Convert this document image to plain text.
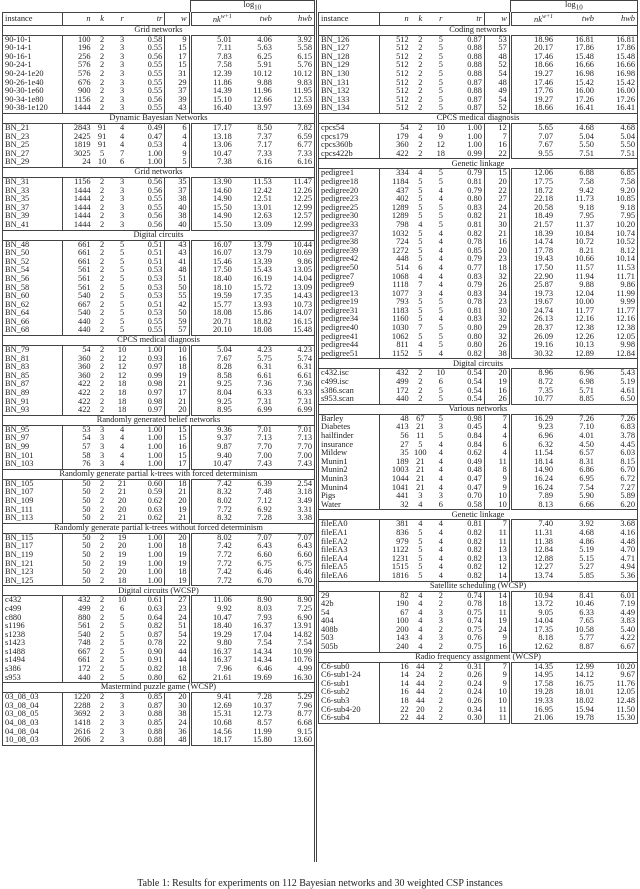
						$\log_{10}$
instance	n	k	r	tr	w	$nk^{w+1}$	twb	hwb
Grid networks								
90-10-1	100	2	3	0.58	9	5.01	4.06	3.92
90-14-1	196	2	3	0.55	15	7.11	5.63	5.58
90-16-1	256	2	3	0.56	17	7.83	6.25	6.15
90-24-1	576	2	3	0.55	15	7.58	5.91	5.76
90-24-1e20	576	2	3	0.55	31	12.39	10.12	10.12
90-26-1e40	676	2	3	0.55	29	11.86	9.88	9.83
90-30-1e60	900	2	3	0.55	37	14.39	11.96	11.95
90-34-1e80	1156	2	3	0.56	39	15.10	12.66	12.53
90-38-1e120	1444	2	3	0.55	43	16.40	13.97	13.69
Dynamic Bayesian Networks								
BN_21	2843	91	4	0.49	6	17.17	8.50	7.82
BN_23	2425	91	4	0.47	4	13.18	7.37	6.59
BN_25	1819	91	4	0.53	4	13.06	7.17	6.77
BN_27	3025	5	7	1.00	9	10.47	7.33	7.33
BN_29	24	10	6	1.00	5	7.38	6.16	6.16
Grid networks								
BN_31	1156	2	3	0.56	35	13.90	11.53	11.47
BN_33	1444	2	3	0.56	37	14.60	12.42	12.26
BN_35	1444	2	3	0.55	38	14.90	12.51	12.25
BN_37	1444	2	3	0.55	40	15.50	13.01	12.99
BN_39	1444	2	3	0.56	38	14.90	12.63	12.57
BN_41	1444	2	3	0.56	40	15.50	13.09	12.99
Digital circuits								
BN_48	661	2	5	0.51	43	16.07	13.79	10.44
BN_50	661	2	5	0.51	43	16.07	13.79	10.69
BN_52	661	2	5	0.51	41	15.46	13.39	9.86
BN_54	561	2	5	0.53	48	17.50	15.43	13.05
BN_56	561	2	5	0.53	51	18.40	16.19	14.04
BN_58	561	2	5	0.53	50	18.10	15.72	13.09
BN_60	540	2	5	0.53	55	19.59	17.35	14.43
BN_62	667	2	5	0.51	42	15.77	13.93	10.73
BN_64	540	2	5	0.53	50	18.08	15.86	14.07
BN_66	440	2	5	0.55	59	20.71	18.82	16.15
BN_68	440	2	5	0.55	57	20.10	18.08	15.48
CPCS medical diagnosis								
BN_79	54	2	10	1.00	10	5.04	4.23	4.23
BN_81	360	2	12	0.93	16	7.67	5.75	5.74
BN_83	360	2	12	0.97	18	8.28	6.31	6.31
BN_85	360	2	12	0.99	19	8.58	6.61	6.61
BN_87	422	2	18	0.98	21	9.25	7.36	7.36
BN_89	422	2	18	0.97	17	8.04	6.33	6.33
BN_91	422	2	18	0.98	21	9.25	7.31	7.31
BN_93	422	2	18	0.97	20	8.95	6.99	6.99
Randomly generated belief networks								
BN_95	53	3	4	1.00	15	9.36	7.01	7.01
BN_97	54	3	4	1.00	15	9.37	7.13	7.13
BN_99	57	3	4	1.00	16	9.87	7.70	7.70
BN_101	58	3	4	1.00	15	9.40	7.00	7.00
BN_103	76	3	4	1.00	17	10.47	7.43	7.43
Randomly generate partial k-trees with forced determinism								
BN_105	50	2	21	0.60	18	7.42	6.39	2.54
BN_107	50	2	21	0.59	21	8.32	7.48	3.18
BN_109	50	2	20	0.62	20	8.02	7.12	3.49
BN_111	50	2	20	0.63	19	7.72	6.92	3.31
BN_113	50	2	21	0.62	21	8.32	7.28	3.38
Randomly generate partial k-trees without forced determinism								
BN_115	50	2	19	1.00	20	8.02	7.07	7.07
BN_117	50	2	20	1.00	18	7.42	6.43	6.43
BN_119	50	2	19	1.00	19	7.72	6.60	6.60
BN_121	50	2	19	1.00	19	7.72	6.75	6.75
BN_123	50	2	20	1.00	18	7.42	6.46	6.46
BN_125	50	2	18	1.00	19	7.72	6.70	6.70
Digital circuits (WCSP)								
c432	432	2	10	0.61	27	11.06	8.90	8.90
c499	499	2	6	0.63	23	9.92	8.03	7.25
c880	880	2	5	0.64	24	10.47	7.93	6.90
s1196	561	2	5	0.82	51	18.40	16.37	13.91
s1238	540	2	5	0.87	54	19.29	17.04	14.82
s1423	748	2	5	0.78	22	9.80	7.54	7.54
s1488	667	2	5	0.90	44	16.37	14.34	10.99
s1494	661	2	5	0.91	44	16.37	14.34	10.76
s386	172	2	5	0.82	18	7.96	6.46	4.99
s953	440	2	5	0.80	62	21.61	19.69	16.30
Mastermind puzzle game (WCSP)								
03_08_03	1220	2	3	0.85	20	9.41	7.28	5.29
03_08_04	2288	2	3	0.87	30	12.69	10.37	7.96
03_08_05	3692	2	3	0.88	38	15.31	12.73	8.77
04_08_03	1418	2	3	0.85	24	10.68	8.57	6.68
04_08_04	2616	2	3	0.88	36	14.56	11.99	9.15
10_08_03	2606	2	3	0.88	48	18.17	15.80	13.60
						$\log_{10}$
instance	n	k	r	tr	w	$nk^{w+1}$	twb	hwb
Coding networks								
BN_126	512	2	5	0.87	53	18.96	16.81	16.81
BN_127	512	2	5	0.88	57	20.17	17.86	17.86
BN_128	512	2	5	0.88	48	17.46	15.48	15.48
BN_129	512	2	5	0.88	52	18.66	16.66	16.66
BN_130	512	2	5	0.88	54	19.27	16.98	16.98
BN_131	512	2	5	0.87	48	17.46	15.42	15.42
BN_132	512	2	5	0.88	49	17.76	16.00	16.00
BN_133	512	2	5	0.87	54	19.27	17.26	17.26
BN_134	512	2	5	0.87	52	18.66	16.41	16.41
CPCS medical diagnosis								
cpcs54	54	2	10	1.00	12	5.65	4.68	4.68
cpcs179	179	4	9	1.00	7	7.07	5.04	5.04
cpcs360b	360	2	12	1.00	16	7.67	5.50	5.50
cpcs422b	422	2	18	0.99	22	9.55	7.51	7.51
Genetic linkage								
pedigree1	334	4	5	0.79	15	12.06	6.88	6.85
pedigree18	1184	5	5	0.81	20	17.75	7.58	7.58
pedigree20	437	5	4	0.79	22	18.72	9.42	9.20
pedigree23	402	5	4	0.80	27	22.18	11.73	10.85
pedigree25	1289	5	5	0.83	24	20.58	9.18	9.18
pedigree30	1289	5	5	0.82	21	18.49	7.95	7.95
pedigree33	798	4	5	0.81	30	21.57	11.37	10.20
pedigree37	1032	5	4	0.82	21	18.39	10.84	10.74
pedigree38	724	5	4	0.78	16	14.74	10.72	10.52
pedigree39	1272	5	4	0.85	20	17.78	8.21	8.12
pedigree42	448	5	4	0.79	23	19.43	10.66	10.14
pedigree50	514	6	4	0.77	18	17.50	11.57	11.53
pedigree7	1068	4	4	0.83	32	22.90	11.94	11.71
pedigree9	1118	7	4	0.79	26	25.87	9.88	9.86
pedigree13	1077	3	4	0.83	34	19.73	12.04	11.99
pedigree19	793	5	5	0.78	23	19.67	10.00	9.99
pedigree31	1183	5	5	0.81	30	24.74	11.77	11.77
pedigree34	1160	5	4	0.83	32	26.13	12.16	12.16
pedigree40	1030	7	5	0.80	29	28.37	12.38	12.38
pedigree41	1062	5	5	0.80	32	26.09	12.26	12.05
pedigree44	811	4	5	0.80	26	19.16	10.13	9.98
pedigree51	1152	5	4	0.82	38	30.32	12.89	12.84
Digital circuits								
c432.isc	432	2	10	0.54	20	8.96	6.96	5.43
c499.isc	499	2	6	0.54	19	8.72	6.98	5.19
s386.scan	172	2	5	0.54	16	7.35	5.71	4.61
s953.scan	440	2	5	0.54	26	10.77	8.85	6.50
Various networks								
Barley	48	67	5	0.98	7	16.29	7.26	7.26
Diabetes	413	21	3	0.45	4	9.23	7.10	6.83
hailfinder	56	11	5	0.84	4	6.96	4.01	3.78
insurance	27	5	4	0.84	6	6.32	4.50	4.45
Mildew	35	100	4	0.62	4	11.54	6.57	6.03
Munin1	189	21	4	0.49	11	18.14	8.31	8.15
Munin2	1003	21	4	0.48	8	14.90	6.86	6.70
Munin3	1044	21	4	0.47	9	16.24	6.95	6.72
Munin4	1041	21	4	0.47	9	16.24	7.54	7.27
Pigs	441	3	3	0.70	10	7.89	5.90	5.89
Water	32	4	6	0.58	10	8.13	6.66	6.20
Genetic linkage								
fileEA0	381	4	4	0.81	7	7.40	3.92	3.68
fileEA1	836	5	4	0.82	11	11.31	4.68	4.16
fileEA2	979	5	4	0.82	11	11.38	4.86	4.48
fileEA3	1122	5	4	0.82	13	12.84	5.19	4.70
fileEA4	1231	5	4	0.82	13	12.88	5.15	4.71
fileEA5	1515	5	4	0.82	12	12.27	5.27	4.94
fileEA6	1816	5	4	0.82	14	13.74	5.85	5.36
Satellite scheduling (WCSP)								
29	82	4	2	0.74	14	10.94	8.41	6.01
42b	190	4	2	0.78	18	13.72	10.46	7.19
54	67	4	3	0.75	11	9.05	6.33	4.49
404	100	4	3	0.74	19	14.04	7.65	3.83
408b	200	4	2	0.75	24	17.35	10.58	5.40
503	143	4	3	0.76	9	8.18	5.77	4.22
505b	240	4	2	0.75	16	12.62	8.87	6.67
Radio frequency assignment (WCSP)								
C6-sub0	16	44	2	0.31	7	14.35	12.99	10.20
C6-sub1-24	14	24	2	0.26	9	14.95	14.12	9.67
C6-sub1	14	44	2	0.24	9	17.58	16.75	11.76
C6-sub2	16	44	2	0.24	10	19.28	18.01	12.05
C6-sub3	18	44	2	0.26	10	19.33	18.02	12.48
C6-sub4-20	22	20	2	0.34	11	16.95	15.94	11.50
C6-sub4	22	44	2	0.30	11	21.06	19.78	15.30
Table 1: Results for experiments on 112 Bayesian networks and 30 weighted CSP instances
